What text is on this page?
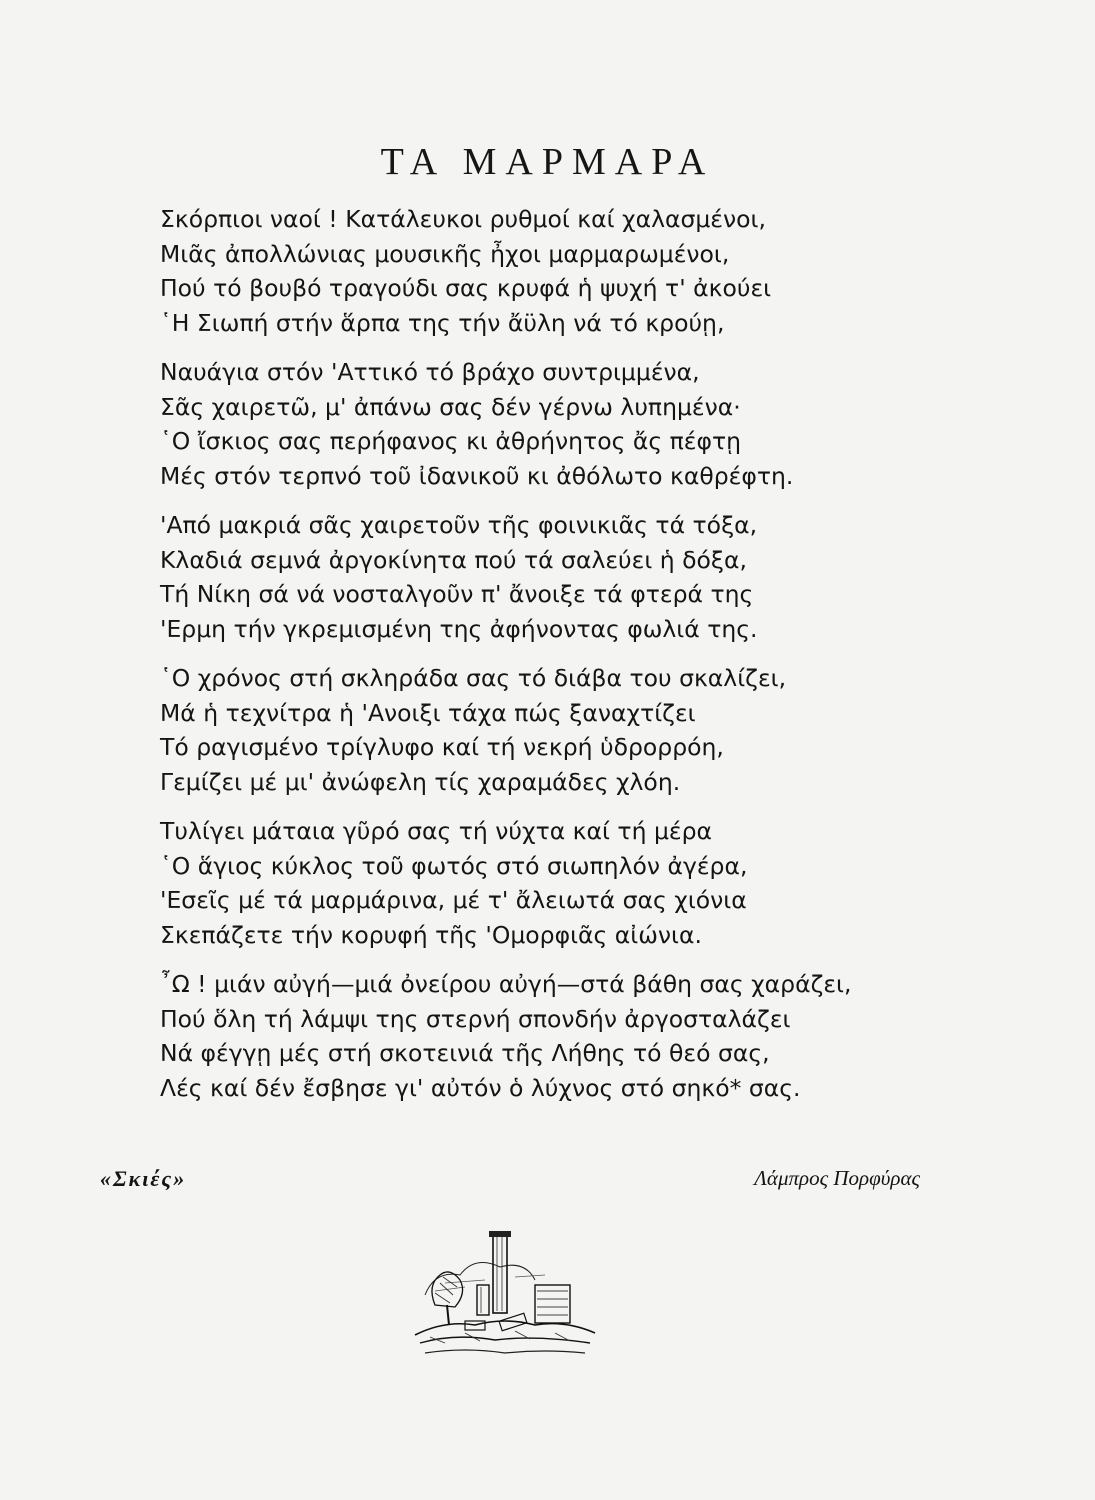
ΤΑ ΜΑΡΜΑΡΑ
Σκόρπιοι ναοί ! Κατάλευκοι ρυθμοί καί χαλασμένοι,
Μιᾶς ἀπολλώνιας μουσικῆς ἦχοι μαρμαρωμένοι,
Πού τό βουβό τραγούδι σας κρυφά ἡ ψυχή τ' ἀκούει
῾Η Σιωπή στήν ἅρπα της τήν ἄϋλη νά τό κρούῃ,
Ναυάγια στόν 'Αττικό τό βράχο συντριμμένα,
Σᾶς χαιρετῶ, μ' ἀπάνω σας δέν γέρνω λυπημένα·
῾Ο ἴσκιος σας περήφανος κι ἀθρήνητος ἄς πέφτῃ
Μές στόν τερπνό τοῦ ἰδανικοῦ κι ἀθόλωτο καθρέφτη.
'Από μακριά σᾶς χαιρετοῦν τῆς φοινικιᾶς τά τόξα,
Κλαδιά σεμνά ἀργοκίνητα πού τά σαλεύει ἡ δόξα,
Τή Νίκη σά νά νοσταλγοῦν π' ἄνοιξε τά φτερά της
'Ερμη τήν γκρεμισμένη της ἀφήνοντας φωλιά της.
῾Ο χρόνος στή σκληράδα σας τό διάβα του σκαλίζει,
Μά ἡ τεχνίτρα ἡ 'Ανοιξι τάχα πώς ξαναχτίζει
Τό ραγισμένο τρίγλυφο καί τή νεκρή ὑδρορρόη,
Γεμίζει μέ μι' ἀνώφελη τίς χαραμάδες χλόη.
Τυλίγει μάταια γῦρό σας τή νύχτα καί τή μέρα
῾Ο ἅγιος κύκλος τοῦ φωτός στό σιωπηλόν ἀγέρα,
'Εσεῖς μέ τά μαρμάρινα, μέ τ' ἄλειωτά σας χιόνια
Σκεπάζετε τήν κορυφή τῆς 'Ομορφιᾶς αἰώνια.
῏Ω ! μιάν αὐγή—μιά ὀνείρου αὐγή—στά βάθη σας χαράζει,
Πού ὅλη τή λάμψι της στερνή σπονδήν ἀργοσταλάζει
Νά φέγγῃ μές στή σκοτεινιά τῆς Λήθης τό θεό σας,
Λές καί δέν ἔσβησε γι' αὐτόν ὁ λύχνος στό σηκό* σας.
«Σκιές»	Λάμπρος Πορφύρας
